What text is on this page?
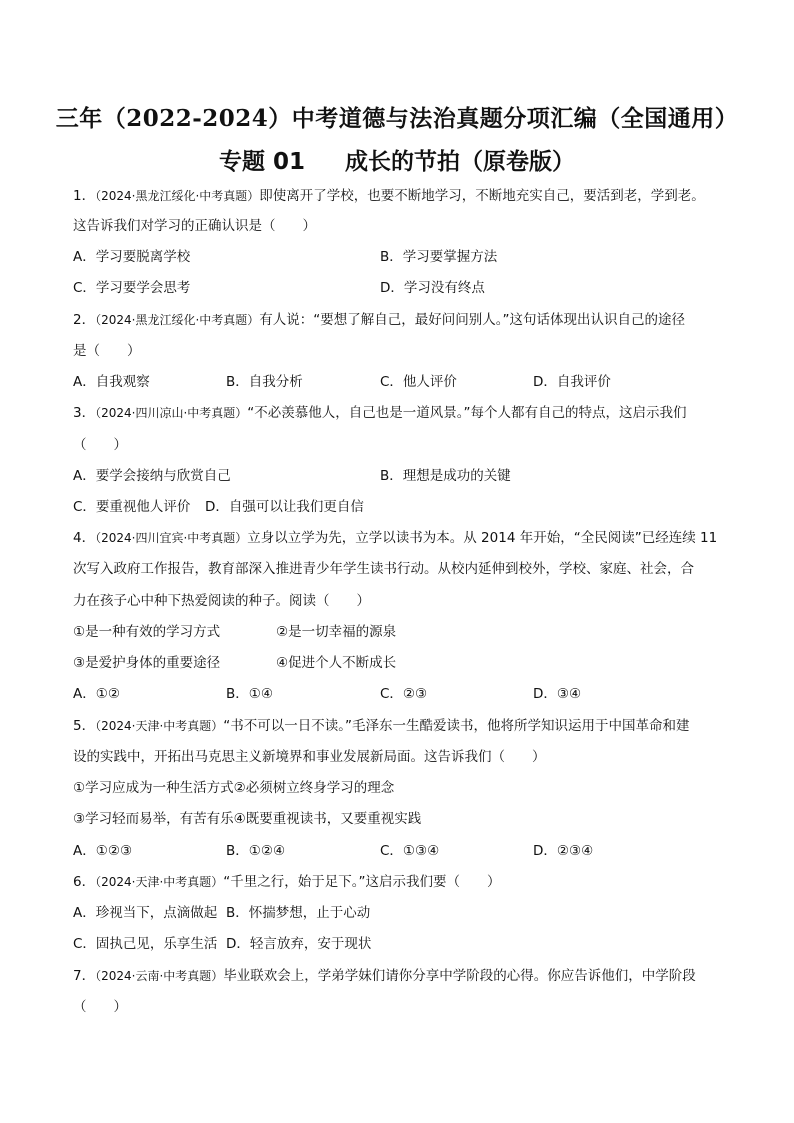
三年（2022-2024）中考道德与法治真题分项汇编（全国通用）
专题 01 成长的节拍（原卷版）
1．（2024·黑龙江绥化·中考真题）即使离开了学校，也要不断地学习，不断地充实自己，要活到老，学到老。
这告诉我们对学习的正确认识是（　　）
A．学习要脱离学校	B．学习要掌握方法
C．学习要学会思考	D．学习没有终点
2．（2024·黑龙江绥化·中考真题）有人说：“要想了解自己，最好问问别人。”这句话体现出认识自己的途径
是（　　）
A．自我观察	B．自我分析	C．他人评价	D．自我评价
3．（2024·四川凉山·中考真题）“不必羡慕他人，自己也是一道风景。”每个人都有自己的特点，这启示我们
（　　）
A．要学会接纳与欣赏自己	B．理想是成功的关键
C．要重视他人评价 D．自强可以让我们更自信
4．（2024·四川宜宾·中考真题）立身以立学为先，立学以读书为本。从 2014 年开始，“全民阅读”已经连续 11
次写入政府工作报告，教育部深入推进青少年学生读书行动。从校内延伸到校外，学校、家庭、社会，合
力在孩子心中种下热爱阅读的种子。阅读（　　）
①是一种有效的学习方式	②是一切幸福的源泉
③是爱护身体的重要途径	④促进个人不断成长
A．①②	B．①④	C．②③	D．③④
5．（2024·天津·中考真题）“书不可以一日不读。”毛泽东一生酷爱读书，他将所学知识运用于中国革命和建
设的实践中，开拓出马克思主义新境界和事业发展新局面。这告诉我们（　　）
①学习应成为一种生活方式②必须树立终身学习的理念
③学习轻而易举，有苦有乐④既要重视读书，又要重视实践
A．①②③	B．①②④	C．①③④	D．②③④
6．（2024·天津·中考真题）“千里之行，始于足下。”这启示我们要（　　）
A．珍视当下，点滴做起 B．怀揣梦想，止于心动
C．固执己见，乐享生活 D．轻言放弃，安于现状
7．（2024·云南·中考真题）毕业联欢会上，学弟学妹们请你分享中学阶段的心得。你应告诉他们，中学阶段
（　　）
